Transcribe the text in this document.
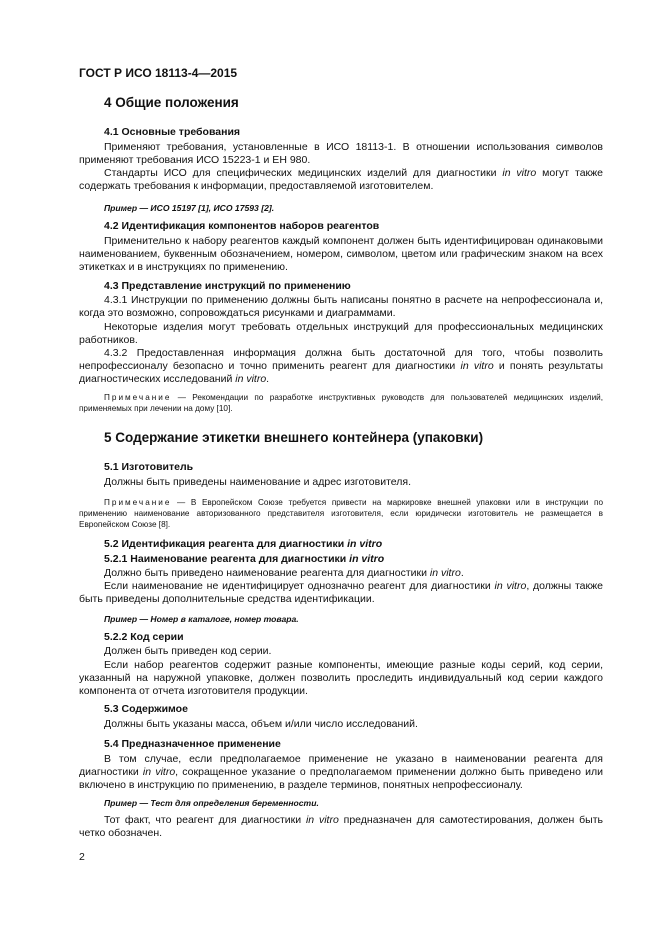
ГОСТ Р ИСО 18113-4—2015
4 Общие положения
4.1 Основные требования

Применяют требования, установленные в ИСО 18113-1. В отношении использования символов применяют требования ИСО 15223-1 и ЕН 980.

Стандарты ИСО для специфических медицинских изделий для диагностики in vitro могут также содержать требования к информации, предоставляемой изготовителем.

Пример — ИСО 15197 [1], ИСО 17593 [2].
4.2 Идентификация компонентов наборов реагентов

Применительно к набору реагентов каждый компонент должен быть идентифицирован одинаковыми наименованием, буквенным обозначением, номером, символом, цветом или графическим знаком на всех этикетках и в инструкциях по применению.

4.3 Представление инструкций по применению

4.3.1 Инструкции по применению должны быть написаны понятно в расчете на непрофессионала и, когда это возможно, сопровождаться рисунками и диаграммами.

Некоторые изделия могут требовать отдельных инструкций для профессиональных медицинских работников.

4.3.2 Предоставленная информация должна быть достаточной для того, чтобы позволить непрофессионалу безопасно и точно применить реагент для диагностики in vitro и понять результаты диагностических исследований in vitro.

Примечание — Рекомендации по разработке инструктивных руководств для пользователей медицинских изделий, применяемых при лечении на дому [10].

5 Содержание этикетки внешнего контейнера (упаковки)
5.1 Изготовитель

Должны быть приведены наименование и адрес изготовителя.

Примечание — В Европейском Союзе требуется привести на маркировке внешней упаковки или в инструкции по применению наименование авторизованного представителя изготовителя, если юридически изготовитель не размещается в Европейском Союзе [8].

5.2 Идентификация реагента для диагностики in vitro
5.2.1 Наименование реагента для диагностики in vitro

Должно быть приведено наименование реагента для диагностики in vitro.

Если наименование не идентифицирует однозначно реагент для диагностики in vitro, должны также быть приведены дополнительные средства идентификации.

Пример — Номер в каталоге, номер товара.
5.2.2 Код серии

Должен быть приведен код серии.

Если набор реагентов содержит разные компоненты, имеющие разные коды серий, код серии, указанный на наружной упаковке, должен позволить проследить индивидуальный код серии каждого компонента от отчета изготовителя продукции.

5.3 Содержимое

Должны быть указаны масса, объем и/или число исследований.

5.4 Предназначенное применение

В том случае, если предполагаемое применение не указано в наименовании реагента для диагностики in vitro, сокращенное указание о предполагаемом применении должно быть приведено или включено в инструкцию по применению, в разделе терминов, понятных непрофессионалу.

Пример — Тест для определения беременности.

Тот факт, что реагент для диагностики in vitro предназначен для самотестирования, должен быть четко обозначен.

2
